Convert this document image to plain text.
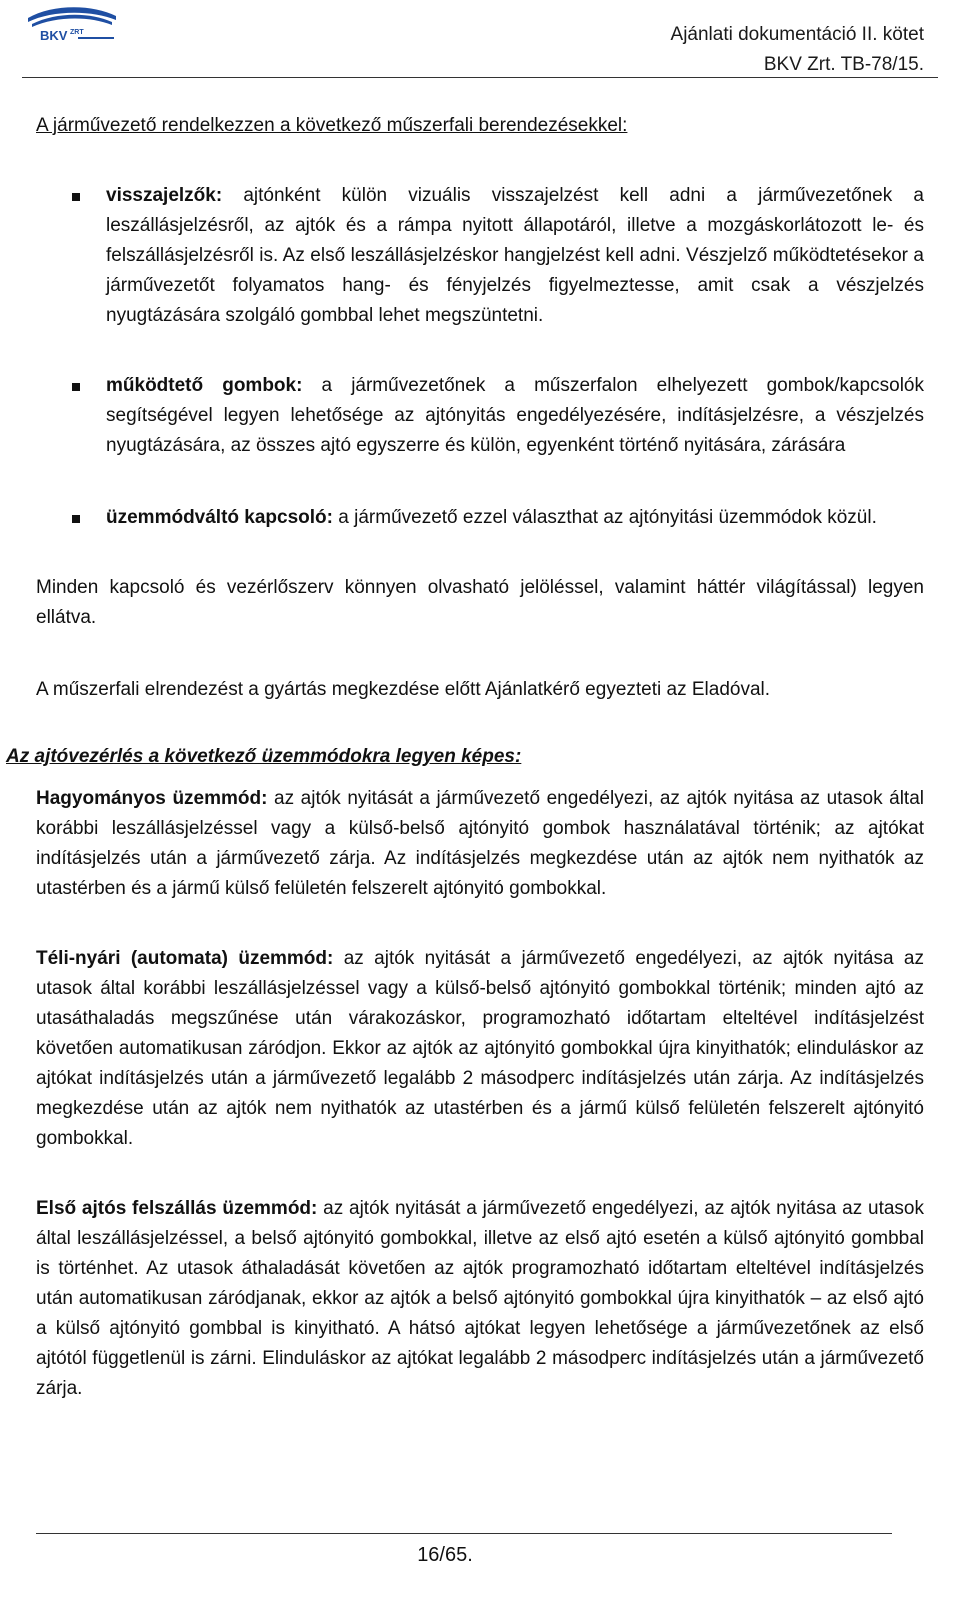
BKV ZRT	Ajánlati dokumentáció II. kötet
BKV Zrt. TB-78/15.
A járművezető rendelkezzen a következő műszerfali berendezésekkel:
visszajelzők: ajtónként külön vizuális visszajelzést kell adni a járművezetőnek a leszállásjelzésről, az ajtók és a rámpa nyitott állapotáról, illetve a mozgáskorlátozott le- és felszállásjelzésről is. Az első leszállásjelzéskor hangjelzést kell adni. Vészjelző működtetésekor a járművezetőt folyamatos hang- és fényjelzés figyelmeztesse, amit csak a vészjelzés nyugtázására szolgáló gombbal lehet megszüntetni.
működtető gombok: a járművezetőnek a műszerfalon elhelyezett gombok/kapcsolók segítségével legyen lehetősége az ajtónyitás engedélyezésére, indításjelzésre, a vészjelzés nyugtázására, az összes ajtó egyszerre és külön, egyenként történő nyitására, zárására
üzemmódváltó kapcsoló: a járművezető ezzel választhat az ajtónyitási üzemmódok közül.
Minden kapcsoló és vezérlőszerv könnyen olvasható jelöléssel, valamint háttér világítással) legyen ellátva.
A műszerfali elrendezést a gyártás megkezdése előtt Ajánlatkérő egyezteti az Eladóval.
Az ajtóvezérlés a következő üzemmódokra legyen képes:
Hagyományos üzemmód: az ajtók nyitását a járművezető engedélyezi, az ajtók nyitása az utasok által korábbi leszállásjelzéssel vagy a külső-belső ajtónyitó gombok használatával történik; az ajtókat indításjelzés után a járművezető zárja. Az indításjelzés megkezdése után az ajtók nem nyithatók az utastérben és a jármű külső felületén felszerelt ajtónyitó gombokkal.
Téli-nyári (automata) üzemmód: az ajtók nyitását a járművezető engedélyezi, az ajtók nyitása az utasok által korábbi leszállásjelzéssel vagy a külső-belső ajtónyitó gombokkal történik; minden ajtó az utasáthaladás megszűnése után várakozáskor, programozható időtartam elteltével indításjelzést követően automatikusan záródjon. Ekkor az ajtók az ajtónyitó gombokkal újra kinyithatók; elinduláskor az ajtókat indításjelzés után a járművezető legalább 2 másodperc indításjelzés után zárja. Az indításjelzés megkezdése után az ajtók nem nyithatók az utastérben és a jármű külső felületén felszerelt ajtónyitó gombokkal.
Első ajtós felszállás üzemmód: az ajtók nyitását a járművezető engedélyezi, az ajtók nyitása az utasok által leszállásjelzéssel, a belső ajtónyitó gombokkal, illetve az első ajtó esetén a külső ajtónyitó gombbal is történhet. Az utasok áthaladását követően az ajtók programozható időtartam elteltével indításjelzés után automatikusan záródjanak, ekkor az ajtók a belső ajtónyitó gombokkal újra kinyithatók – az első ajtó a külső ajtónyitó gombbal is kinyitható. A hátsó ajtókat legyen lehetősége a járművezetőnek az első ajtótól függetlenül is zárni. Elinduláskor az ajtókat legalább 2 másodperc indításjelzés után a járművezető zárja.
16/65.
